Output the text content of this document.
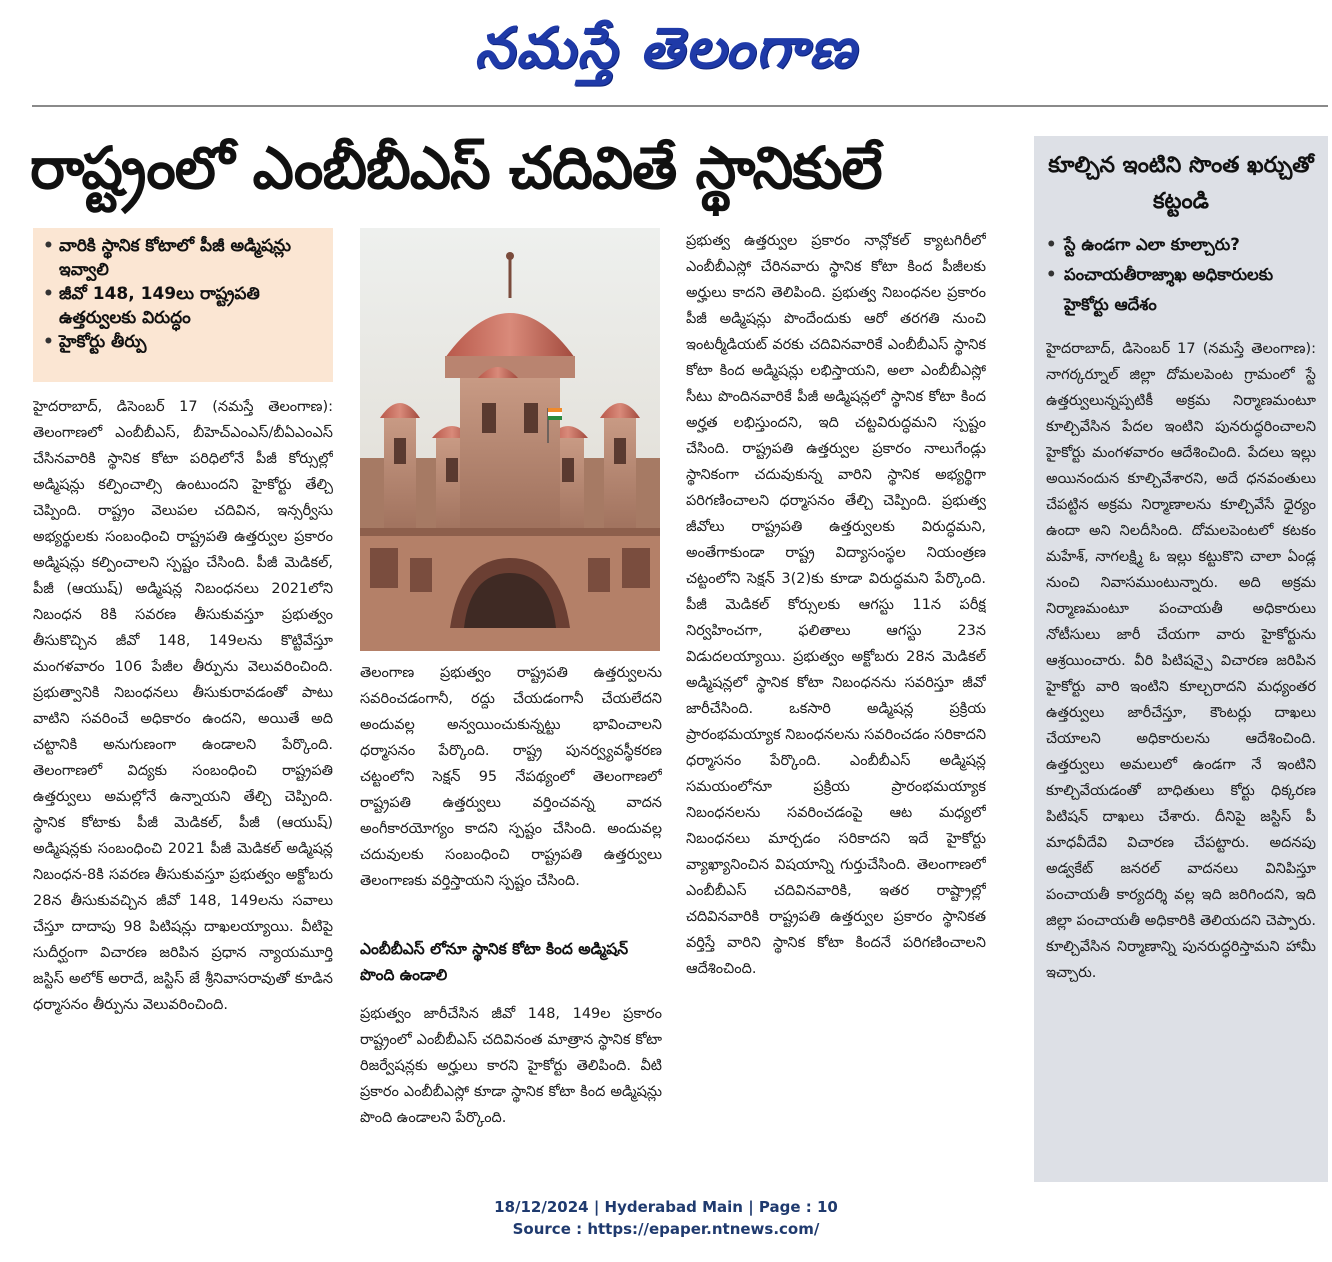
నమస్తే తెలంగాణ
రాష్ట్రంలో ఎంబీబీఎస్ చదివితే స్థానికులే
• వారికి స్థానిక కోటాలో పీజీ అడ్మిషన్లు ఇవ్వాలి
• జీవో 148, 149లు రాష్ట్రపతి ఉత్తర్వులకు విరుద్ధం
• హైకోర్టు తీర్పు

హైదరాబాద్, డిసెంబర్ 17 (నమస్తే తెలంగాణ): తెలంగాణలో ఎంబీబీఎస్, బీహెచ్ఎంఎస్/బీఏఎంఎస్ చేసినవారికి స్థానిక కోటా పరిధిలోనే పీజీ కోర్సుల్లో అడ్మిషన్లు కల్పించాల్సి ఉంటుందని హైకోర్టు తేల్చి చెప్పింది. రాష్ట్రం వెలుపల చదివిన, ఇన్సర్వీసు అభ్యర్థులకు సంబంధించి రాష్ట్రపతి ఉత్తర్వుల ప్రకారం అడ్మిషన్లు కల్పించాలని స్పష్టం చేసింది. పీజీ మెడికల్, పీజీ (ఆయుష్) అడ్మిషన్ల నిబంధనలు 2021లోని నిబంధన 8కి సవరణ తీసుకువస్తూ ప్రభుత్వం తీసుకొచ్చిన జీవో 148, 149లను కొట్టివేస్తూ మంగళవారం 106 పేజీల తీర్పును వెలువరించింది. ప్రభుత్వానికి నిబంధనలు తీసుకురావడంతో పాటు వాటిని సవరించే అధికారం ఉందని, అయితే అది చట్టానికి అనుగుణంగా ఉండాలని పేర్కొంది. తెలంగాణలో విద్యకు సంబంధించి రాష్ట్రపతి ఉత్తర్వులు అమల్లోనే ఉన్నాయని తేల్చి చెప్పింది. స్థానిక కోటాకు పీజీ మెడికల్, పీజీ (ఆయుష్) అడ్మిషన్లకు సంబంధించి 2021 పీజీ మెడికల్ అడ్మిషన్ల నిబంధన-8కి సవరణ తీసుకువస్తూ ప్రభుత్వం అక్టోబరు 28న తీసుకువచ్చిన జీవో 148, 149లను సవాలు చేస్తూ దాదాపు 98 పిటిషన్లు దాఖలయ్యాయి. వీటిపై సుదీర్ఘంగా విచారణ జరిపిన ప్రధాన న్యాయమూర్తి జస్టిస్ అలోక్ అరాదే, జస్టిస్ జే శ్రీనివాసరావుతో కూడిన ధర్మాసనం తీర్పును వెలువరించింది.

తెలంగాణ ప్రభుత్వం రాష్ట్రపతి ఉత్తర్వులను సవరించడంగానీ, రద్దు చేయడంగానీ చేయలేదని అందువల్ల అన్వయించుకున్నట్టు భావించాలని ధర్మాసనం పేర్కొంది. రాష్ట్ర పునర్వ్యవస్థీకరణ చట్టంలోని సెక్షన్ 95 నేపథ్యంలో తెలంగాణలో రాష్ట్రపతి ఉత్తర్వులు వర్తించవన్న వాదన అంగీకారయోగ్యం కాదని స్పష్టం చేసింది. అందువల్ల చదువులకు సంబంధించి రాష్ట్రపతి ఉత్తర్వులు తెలంగాణకు వర్తిస్తాయని స్పష్టం చేసింది.

ఎంబీబీఎస్ లోనూ స్థానిక కోటా కింద అడ్మిషన్ పొంది ఉండాలి

ప్రభుత్వం జారీచేసిన జీవో 148, 149ల ప్రకారం రాష్ట్రంలో ఎంబీబీఎస్ చదివినంత మాత్రాన స్థానిక కోటా రిజర్వేషన్లకు అర్హులు కారని హైకోర్టు తెలిపింది. వీటి ప్రకారం ఎంబీబీఎస్లో కూడా స్థానిక కోటా కింద అడ్మిషన్లు పొంది ఉండాలని పేర్కొంది.

ప్రభుత్వ ఉత్తర్వుల ప్రకారం నాన్లోకల్ క్యాటగిరీలో ఎంబీబీఎస్లో చేరినవారు స్థానిక కోటా కింద పీజీలకు అర్హులు కాదని తెలిపింది. ప్రభుత్వ నిబంధనల ప్రకారం పీజీ అడ్మిషన్లు పొందేందుకు ఆరో తరగతి నుంచి ఇంటర్మీడియట్ వరకు చదివినవారికే ఎంబీబీఎస్ స్థానిక కోటా కింద అడ్మిషన్లు లభిస్తాయని, అలా ఎంబీబీఎస్లో సీటు పొందినవారికే పీజీ అడ్మిషన్లలో స్థానిక కోటా కింద అర్హత లభిస్తుందని, ఇది చట్టవిరుద్ధమని స్పష్టం చేసింది. రాష్ట్రపతి ఉత్తర్వుల ప్రకారం నాలుగేండ్లు స్థానికంగా చదువుకున్న వారిని స్థానిక అభ్యర్థిగా పరిగణించాలని ధర్మాసనం తేల్చి చెప్పింది. ప్రభుత్వ జీవోలు రాష్ట్రపతి ఉత్తర్వులకు విరుద్ధమని, అంతేగాకుండా రాష్ట్ర విద్యాసంస్థల నియంత్రణ చట్టంలోని సెక్షన్ 3(2)కు కూడా విరుద్ధమని పేర్కొంది. పీజీ మెడికల్ కోర్సులకు ఆగస్టు 11న పరీక్ష నిర్వహించగా, ఫలితాలు ఆగస్టు 23న విడుదలయ్యాయి. ప్రభుత్వం అక్టోబరు 28న మెడికల్ అడ్మిషన్లలో స్థానిక కోటా నిబంధనను సవరిస్తూ జీవో జారీచేసింది. ఒకసారి అడ్మిషన్ల ప్రక్రియ ప్రారంభమయ్యాక నిబంధనలను సవరించడం సరికాదని ధర్మాసనం పేర్కొంది. ఎంబీబీఎస్ అడ్మిషన్ల సమయంలోనూ ప్రక్రియ ప్రారంభమయ్యాక నిబంధనలను సవరించడంపై ఆట మధ్యలో నిబంధనలు మార్చడం సరికాదని ఇదే హైకోర్టు వ్యాఖ్యానించిన విషయాన్ని గుర్తుచేసింది. తెలంగాణలో ఎంబీబీఎస్ చదివినవారికి, ఇతర రాష్ట్రాల్లో చదివినవారికి రాష్ట్రపతి ఉత్తర్వుల ప్రకారం స్థానికత వర్తిస్తే వారిని స్థానిక కోటా కిందనే పరిగణించాలని ఆదేశించింది.

కూల్చిన ఇంటిని సొంత ఖర్చుతో కట్టండి
• స్టే ఉండగా ఎలా కూల్చారు?
• పంచాయతీరాజ్శాఖ అధికారులకు హైకోర్టు ఆదేశం

హైదరాబాద్, డిసెంబర్ 17 (నమస్తే తెలంగాణ): నాగర్కర్నూల్ జిల్లా దోమలపెంట గ్రామంలో స్టే ఉత్తర్వులున్నప్పటికీ అక్రమ నిర్మాణమంటూ కూల్చివేసిన పేదల ఇంటిని పునరుద్ధరించాలని హైకోర్టు మంగళవారం ఆదేశించింది. పేదలు ఇల్లు అయినందున కూల్చివేశారని, అదే ధనవంతులు చేపట్టిన అక్రమ నిర్మాణాలను కూల్చివేసే ధైర్యం ఉందా అని నిలదీసింది. దోమలపెంటలో కటకం మహేశ్, నాగలక్ష్మి ఓ ఇల్లు కట్టుకొని చాలా ఏండ్ల నుంచి నివాసముంటున్నారు. అది అక్రమ నిర్మాణమంటూ పంచాయతీ అధికారులు నోటీసులు జారీ చేయగా వారు హైకోర్టును ఆశ్రయించారు. వీరి పిటిషన్పై విచారణ జరిపిన హైకోర్టు వారి ఇంటిని కూల్చరాదని మధ్యంతర ఉత్తర్వులు జారీచేస్తూ, కౌంటర్లు దాఖలు చేయాలని అధికారులను ఆదేశించింది. ఉత్తర్వులు అమలులో ఉండగా నే ఇంటిని కూల్చివేయడంతో బాధితులు కోర్టు ధిక్కరణ పిటిషన్ దాఖలు చేశారు. దీనిపై జస్టిస్ పీ మాధవీదేవి విచారణ చేపట్టారు. అదనపు అడ్వకేట్ జనరల్ వాదనలు వినిపిస్తూ పంచాయతీ కార్యదర్శి వల్ల ఇది జరిగిందని, ఇది జిల్లా పంచాయతీ అధికారికి తెలియదని చెప్పారు. కూల్చివేసిన నిర్మాణాన్ని పునరుద్ధరిస్తామని హామీ ఇచ్చారు.

18/12/2024 | Hyderabad Main | Page : 10
Source : https://epaper.ntnews.com/
